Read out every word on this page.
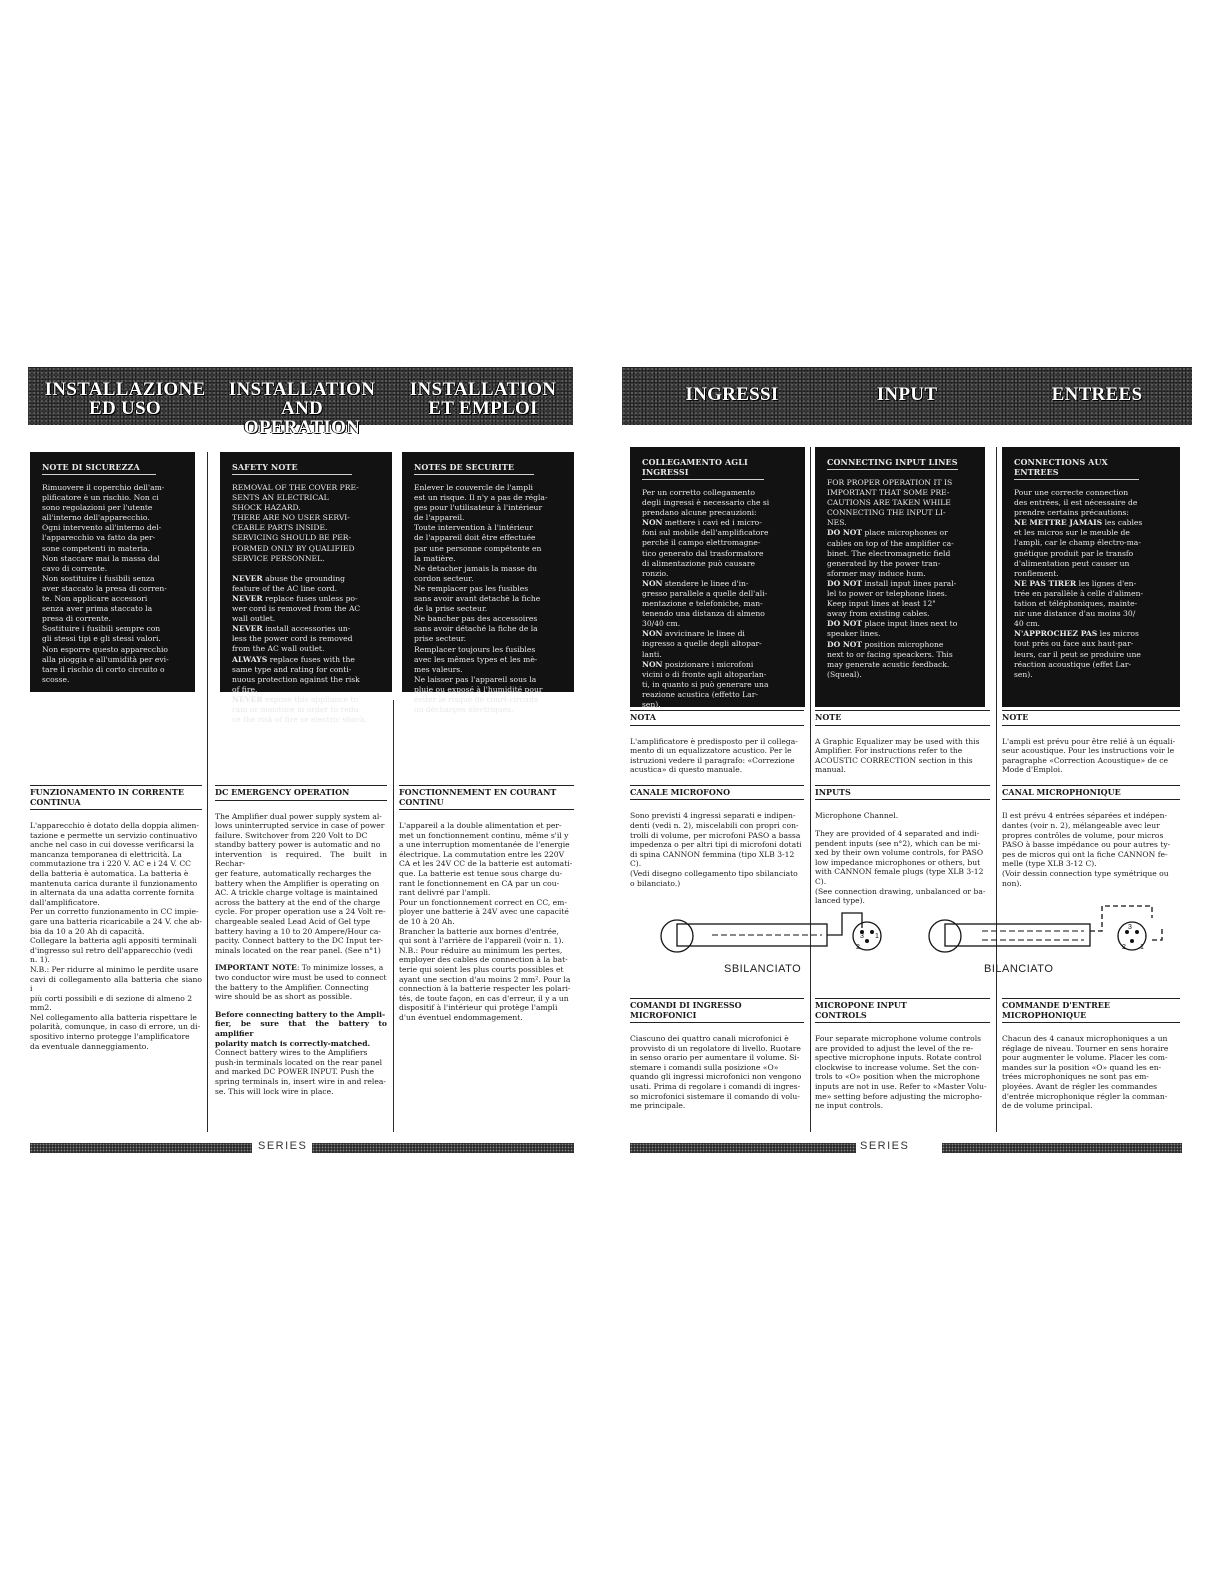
INSTALLAZIONE
ED USO
INSTALLATION
AND OPERATION
INSTALLATION
ET EMPLOI
NOTE DI SICUREZZA

Rimuovere il coperchio dell'am-
plificatore è un rischio. Non ci
sono regolazioni per l'utente
all'interno dell'apparecchio.
Ogni intervento all'interno del-
l'apparecchio va fatto da per-
sone competenti in materia.
Non staccare mai la massa dal
cavo di corrente.
Non sostituire i fusibili senza
aver staccato la presa di corren-
te. Non applicare accessori
senza aver prima staccato la
presa di corrente.
Sostituire i fusibili sempre con
gli stessi tipi e gli stessi valori.
Non esporre questo apparecchio
alla pioggia e all'umidità per evi-
tare il rischio di corto circuito o
scosse.

SAFETY NOTE

REMOVAL OF THE COVER PRE-
SENTS AN ELECTRICAL
SHOCK HAZARD.
THERE ARE NO USER SERVI-
CEABLE PARTS INSIDE.
SERVICING SHOULD BE PER-
FORMED ONLY BY QUALIFIED
SERVICE PERSONNEL.

NEVER abuse the grounding
feature of the AC line cord.

NEVER replace fuses unless po-
wer cord is removed from the AC
wall outlet.

NEVER install accessories un-
less the power cord is removed
from the AC wall outlet.

ALWAYS replace fuses with the
same type and rating for conti-
nuous protection against the risk
of fire.

NEVER expose this appliance to
rain or moisture in order to redu-
ce the risk of fire or electric shock.

NOTES DE SECURITE

Enlever le couvercle de l'ampli
est un risque. Il n'y a pas de régla-
ges pour l'utilisateur à l'intérieur
de l'appareil.
Toute intervention à l'intérieur
de l'appareil doit être effectuée
par une personne compétente en
la matière.
Ne detacher jamais la masse du
cordon secteur.
Ne remplacer pas les fusibles
sans avoir avant detachè la fiche
de la prise secteur.
Ne bancher pas des accessoires
sans avoir détaché la fiche de la
prise secteur.
Remplacer toujours les fusibles
avec les mêmes types et les mè-
mes valeurs.
Ne laisser pas l'appareil sous la
pluie ou exposé à l'humidité pour
éviter le risque de court-circuits
ou décharges électriques.

FUNZIONAMENTO IN CORRENTE
CONTINUA

L'apparecchio è dotato della doppia alimen-
tazione e permette un servizio continuativo
anche nel caso in cui dovesse verificarsi la
mancanza temporanea di elettricità. La
commutazione tra i 220 V. AC e i 24 V. CC
della batteria è automatica. La batteria è
mantenuta carica durante il funzionamento
in alternata da una adatta corrente fornita
dall'amplificatore.
Per un corretto funzionamento in CC impie-
gare una batteria ricaricabile a 24 V. che ab-
bia da 10 a 20 Ah di capacità.
Collegare la batteria agli appositi terminali
d'ingresso sul retro dell'apparecchio (vedi
n. 1).
N.B.: Per ridurre al minimo le perdite usare
cavi di collegamento alla batteria che siano i
più corti possibili e di sezione di almeno 2
mm2.
Nel collegamento alla batteria rispettare le
polarità, comunque, in caso di errore, un di-
spositivo interno protegge l'amplificatore
da eventuale danneggiamento.

DC EMERGENCY OPERATION

The Amplifier dual power supply system al-
lows uninterrupted service in case of power
failure. Switchover from 220 Volt to DC
standby battery power is automatic and no
intervention is required. The built in Rechar-
ger feature, automatically recharges the
battery when the Amplifier is operating on
AC. A trickle charge voltage is maintained
across the battery at the end of the charge
cycle. For proper operation use a 24 Volt re-
chargeable sealed Lead Acid of Gel type
battery having a 10 to 20 Ampere/Hour ca-
pacity. Connect battery to the DC Input ter-
minals located on the rear panel. (See n°1)

IMPORTANT NOTE: To minimize losses, a
two conductor wire must be used to connect
the battery to the Amplifier. Connecting
wire should be as short as possible.

Before connecting battery to the Ampli-
fier, be sure that the battery to amplifier
polarity match is correctly-matched.

Connect battery wires to the Amplifiers
push-in terminals located on the rear panel
and marked DC POWER INPUT. Push the
spring terminals in, insert wire in and relea-
se. This will lock wire in place.

FONCTIONNEMENT EN COURANT
CONTINU

L'appareil a la double alimentation et per-
met un fonctionnement continu, même s'il y
a une interruption momentanée de l'energie
électrique. La commutation entre les 220V
CA et les 24V CC de la batterie est automati-
que. La batterie est tenue sous charge du-
rant le fonctionnement en CA par un cou-
rant delivré par l'ampli.
Pour un fonctionnement correct en CC, em-
ployer une batterie à 24V avec une capacité
de 10 à 20 Ah.
Brancher la batterie aux bornes d'entrée,
qui sont à l'arrière de l'appareil (voir n. 1).
N.B.: Pour réduire au minimum les pertes,
employer des cables de connection à la bat-
terie qui soient les plus courts possibles et
ayant une section d'au moins 2 mm². Pour la
connection à la batterie respecter les polari-
tés, de toute façon, en cas d'erreur, il y a un
dispositif à l'intérieur qui protège l'ampli
d'un éventuel endommagement.

SERIES
INGRESSI	INPUT	ENTREES
COLLEGAMENTO AGLI
INGRESSI

Per un corretto collegamento
degli ingressi è necessario che si
prendano alcune precauzioni:

NON mettere i cavi ed i micro-
foni sul mobile dell'amplificatore
perché il campo elettromagne-
tico generato dal trasformatore
di alimentazione può causare
ronzio.

NON stendere le linee d'in-
gresso parallele a quelle dell'ali-
mentazione e telefoniche, man-
tenendo una distanza di almeno
30/40 cm.

NON avvicinare le linee di
ingresso a quelle degli altopar-
lanti.

NON posizionare i microfoni
vicini o di fronte agli altoparlan-
ti, in quanto si può generare una
reazione acustica (effetto Lar-
sen).

CONNECTING INPUT LINES

FOR PROPER OPERATION IT IS
IMPORTANT THAT SOME PRE-
CAUTIONS ARE TAKEN WHILE
CONNECTING THE INPUT LI-
NES.

DO NOT place microphones or
cables on top of the amplifier ca-
binet. The electromagnetic field
generated by the power tran-
sformer may induce hum.

DO NOT install input lines paral-
lel to power or telephone lines.
Keep input lines at least 12"
away from existing cables.

DO NOT place input lines next to
speaker lines.

DO NOT position microphone
next to or facing speackers. This
may generate acustic feedback.
(Squeal).

CONNECTIONS AUX
ENTREES

Pour une correcte connection
des entrées, il est nécessaire de
prendre certains précautions:

NE METTRE JAMAIS les cables
et les micros sur le meuble de
l'ampli, car le champ électro-ma-
gnétique produit par le transfo
d'alimentation peut causer un
ronflement.

NE PAS TIRER les lignes d'en-
trée en parallèle à celle d'alimen-
tation et téléphoniques, mainte-
nir une distance d'au moins 30/
40 cm.

N'APPROCHEZ PAS les micros
tout près ou face aux haut-par-
leurs, car il peut se produire une
réaction acoustique (effet Lar-
sen).

NOTA

L'amplificatore è predisposto per il collega-
mento di un equalizzatore acustico. Per le
istruzioni vedere il paragrafo: «Correzione
acustica» di questo manuale.

CANALE MICROFONO

Sono previsti 4 ingressi separati e indipen-
denti (vedi n. 2), miscelabili con propri con-
trolli di volume, per microfoni PASO a bassa
impedenza o per altri tipi di microfoni dotati
di spina CANNON femmina (tipo XLB 3-12
C).
(Vedi disegno collegamento tipo sbilanciato
o bilanciato.)

NOTE

A Graphic Equalizer may be used with this
Amplifier. For instructions refer to the
ACOUSTIC CORRECTION section in this
manual.

INPUTS

Microphone Channel.

They are provided of 4 separated and indi-
pendent inputs (see n°2), which can be mi-
xed by their own volume controls, for PASO
low impedance microphones or others, but
with CANNON female plugs (type XLB 3-12
C).
(See connection drawing, unbalanced or ba-
lanced type).

NOTE

L'ampli est prévu pour être relié à un équali-
seur acoustique. Pour les instructions voir le
paragraphe «Correction Acoustique» de ce
Mode d'Emploi.

CANAL MICROPHONIQUE

Il est prévu 4 entrées séparées et indépen-
dantes (voir n. 2), mélangeable avec leur
propres contrôles de volume, pour micros
PASO à basse impédance ou pour autres ty-
pes de micros qui ont la fiche CANNON fe-
melle (type XLB 3-12 C).
(Voir dessin connection type symétrique ou
non).

2
1
3
2 1
3
SBILANCIATO	BILANCIATO
COMANDI DI INGRESSO MICROFONICI

Ciascuno dei quattro canali microfonici è
provvisto di un regolatore di livello. Ruotare
in senso orario per aumentare il volume. Si-
stemare i comandi sulla posizione «O»
quando gli ingressi microfonici non vengono
usati. Prima di regolare i comandi di ingres-
so microfonici sistemare il comando di volu-
me principale.

MICROPONE INPUT
CONTROLS

Four separate microphone volume controls
are provided to adjust the level of the re-
spective microphone inputs. Rotate control
clockwise to increase volume. Set the con-
trols to «O» position when the microphone
inputs are not in use. Refer to «Master Volu-
me» setting before adjusting the micropho-
ne input controls.

COMMANDE D'ENTREE
MICROPHONIQUE

Chacun des 4 canaux microphoniques a un
réglage de niveau. Tourner en sens horaire
pour augmenter le volume. Placer les com-
mandes sur la position «O» quand les en-
trées microphoniques ne sont pas em-
ployées. Avant de régler les commandes
d'entrée microphonique régler la comman-
de de volume principal.

SERIES
